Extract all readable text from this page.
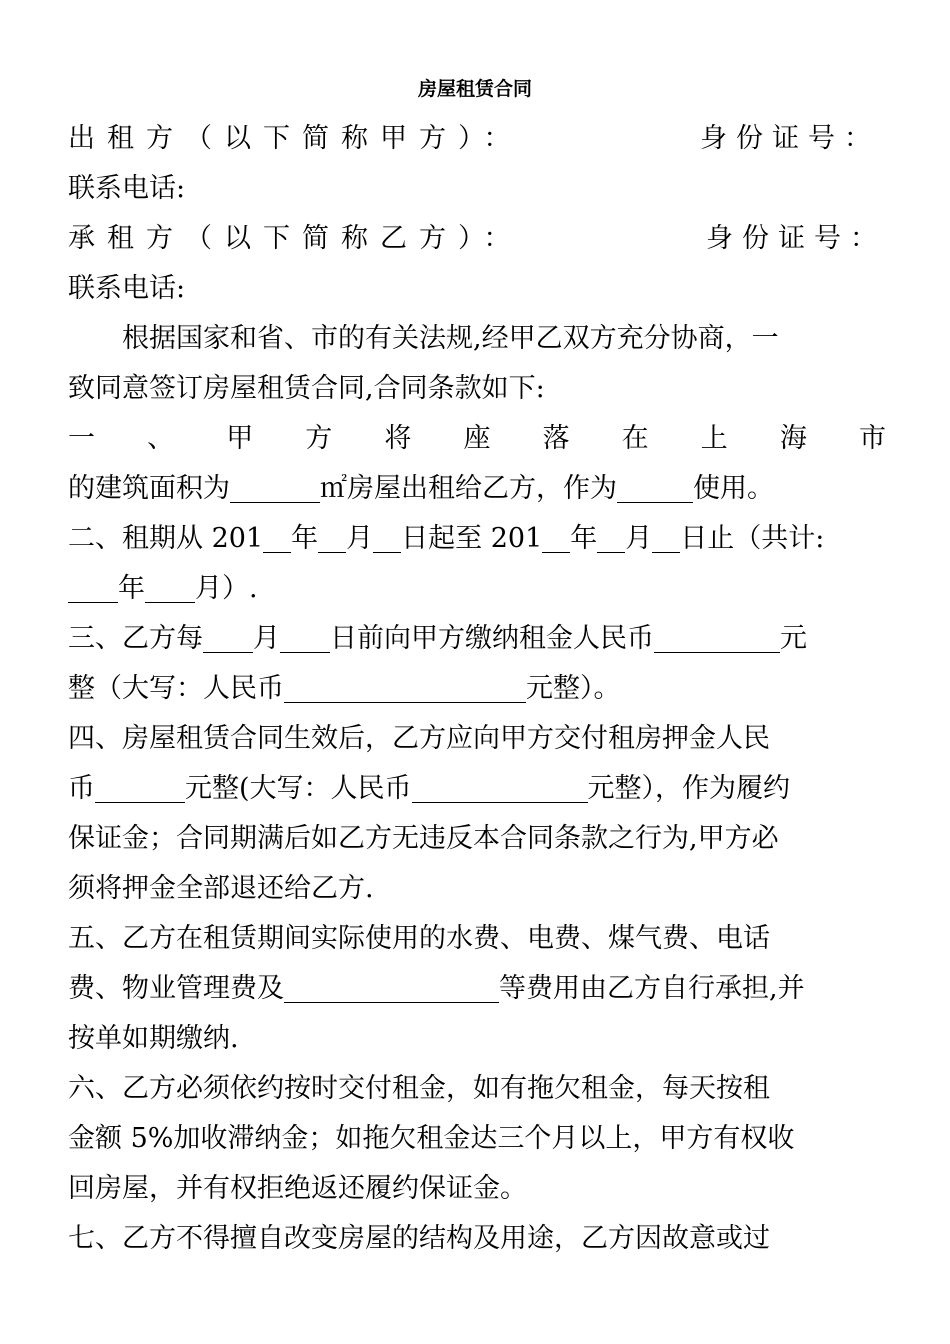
房屋租赁合同
出租方（以下简称甲方）：	身份证号：
联系电话:
承租方（以下简称乙方）：	身份证号：
联系电话:
根据国家和省、市的有关法规,经甲乙双方充分协商，一
致同意签订房屋租赁合同,合同条款如下:
一 、 甲 方 将 座 落 在 上 海 市
的建筑面积为	㎡房屋出租给乙方，作为	使用。
二、租期从 201 年 月 日起至 201 年 月 日止（共计:
年 月）.
三、乙方每 月 日前向甲方缴纳租金人民币	元
整（大写：人民币	元整）。
四、房屋租赁合同生效后，乙方应向甲方交付租房押金人民
币	元整(大写：人民币	元整），作为履约
保证金；合同期满后如乙方无违反本合同条款之行为,甲方必
须将押金全部退还给乙方.
五、乙方在租赁期间实际使用的水费、电费、煤气费、电话
费、物业管理费及	等费用由乙方自行承担,并
按单如期缴纳.
六、乙方必须依约按时交付租金，如有拖欠租金，每天按租
金额 5%加收滞纳金；如拖欠租金达三个月以上，甲方有权收
回房屋，并有权拒绝返还履约保证金。
七、乙方不得擅自改变房屋的结构及用途，乙方因故意或过
